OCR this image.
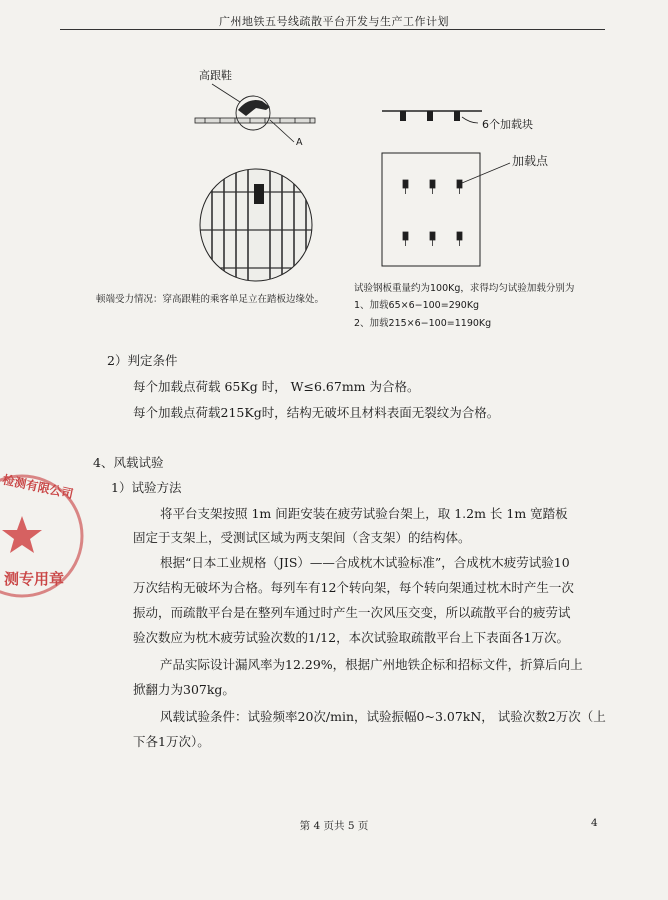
广州地铁五号线疏散平台开发与生产工作计划
高跟鞋
A
顿端受力情况：穿高跟鞋的乘客单足立在踏板边缘处。
6个加载块
加载点
试验钢板重量约为100Kg，求得均匀试验加载分别为
1、加载65×6−100=290Kg
2、加载215×6−100=1190Kg
2）判定条件
每个加载点荷载 65Kg 时， W≤6.67mm 为合格。
每个加载点荷载215Kg时，结构无破坏且材料表面无裂纹为合格。
4、风载试验
1）试验方法
将平台支架按照 1m 间距安装在疲劳试验台架上，取 1.2m 长 1m 宽踏板
固定于支架上，受测试区域为两支架间（含支架）的结构体。
根据“日本工业规格（JIS）——合成枕木试验标准”，合成枕木疲劳试验10
万次结构无破坏为合格。每列车有12个转向架，每个转向架通过枕木时产生一次
振动，而疏散平台是在整列车通过时产生一次风压交变，所以疏散平台的疲劳试
验次数应为枕木疲劳试验次数的1/12，本次试验取疏散平台上下表面各1万次。
产品实际设计漏风率为12.29%，根据广州地铁企标和招标文件，折算后向上
掀翻力为307kg。
风载试验条件：试验频率20次/min，试验振幅0~3.07kN， 试验次数2万次（上
下各1万次）。
检测有限公司
测专用章
第 4 页共 5 页	4
